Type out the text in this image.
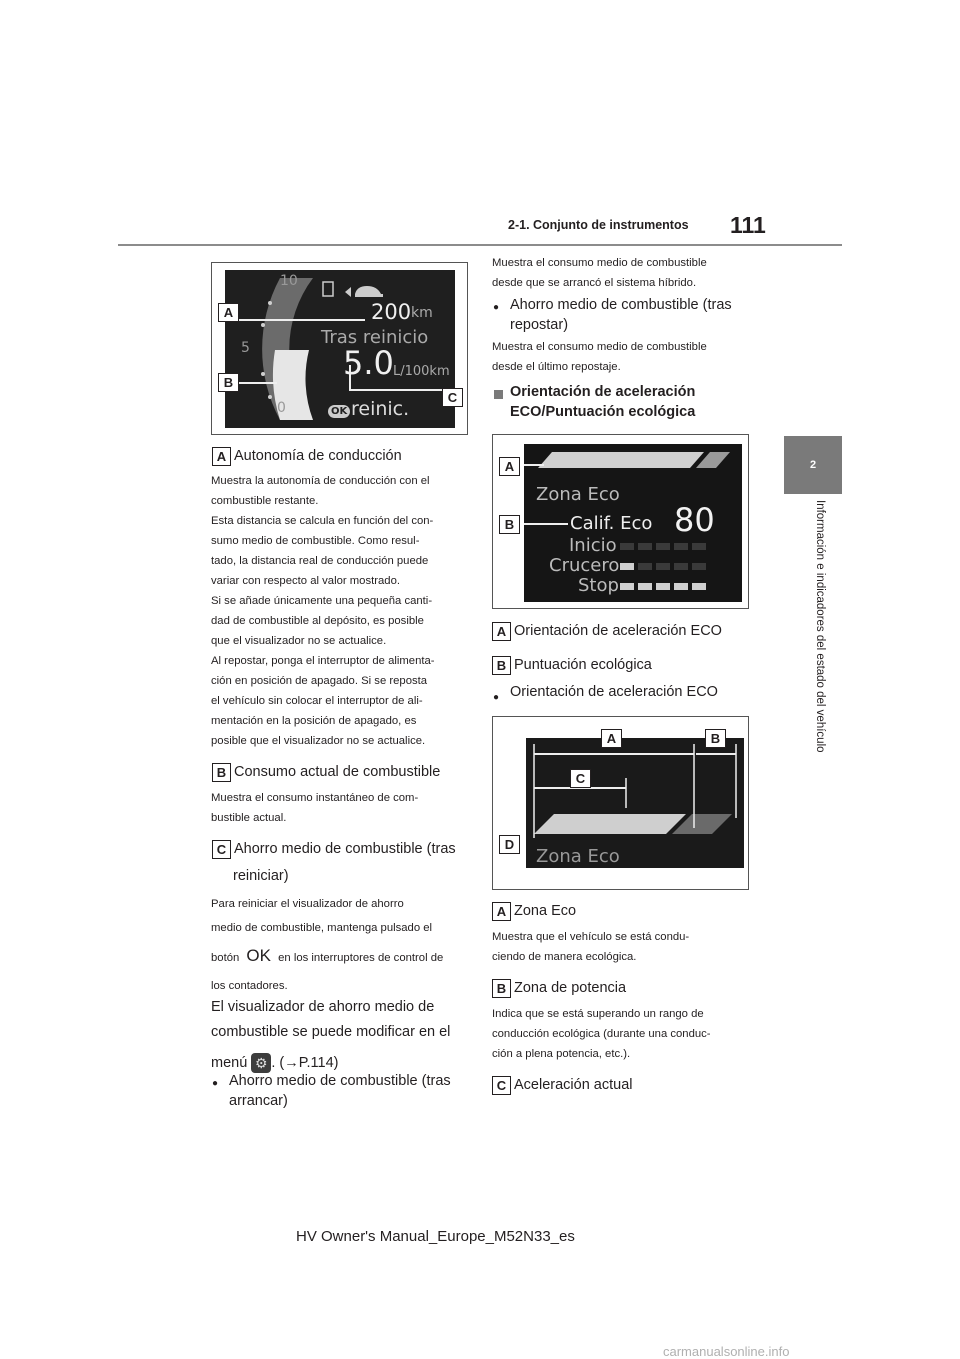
2-1. Conjunto de instrumentos 111
2
Información e indicadores del estado del vehículo
10
5
0
200 km
Tras reinicio
5.0 L/100km
OK reinic.
A
B
C
A Autonomía de conducción
Muestra la autonomía de conducción con el
combustible restante.
Esta distancia se calcula en función del con-
sumo medio de combustible. Como resul-
tado, la distancia real de conducción puede
variar con respecto al valor mostrado.
Si se añade únicamente una pequeña canti-
dad de combustible al depósito, es posible
que el visualizador no se actualice.
Al repostar, ponga el interruptor de alimenta-
ción en posición de apagado. Si se reposta
el vehículo sin colocar el interruptor de ali-
mentación en la posición de apagado, es
posible que el visualizador no se actualice.
B Consumo actual de combustible
Muestra el consumo instantáneo de com-
bustible actual.
C Ahorro medio de combustible (tras
reiniciar)
Para reiniciar el visualizador de ahorro
medio de combustible, mantenga pulsado el
botón OK en los interruptores de control de
los contadores.
El visualizador de ahorro medio de
combustible se puede modificar en el
menú ⚙ . (→P.114)
● Ahorro medio de combustible (tras
arrancar)
Muestra el consumo medio de combustible
desde que se arrancó el sistema híbrido.
● Ahorro medio de combustible (tras
repostar)
Muestra el consumo medio de combustible
desde el último repostaje.
Orientación de aceleración
ECO/Puntuación ecológica
Zona Eco
Calif. Eco 80
Inicio
Crucero
Stop
A
B
A Orientación de aceleración ECO
B Puntuación ecológica
● Orientación de aceleración ECO
Zona Eco
A	B
C
D
A Zona Eco
Muestra que el vehículo se está condu-
ciendo de manera ecológica.
B Zona de potencia
Indica que se está superando un rango de
conducción ecológica (durante una conduc-
ción a plena potencia, etc.).
C Aceleración actual
HV Owner's Manual_Europe_M52N33_es
carmanualsonline.info
